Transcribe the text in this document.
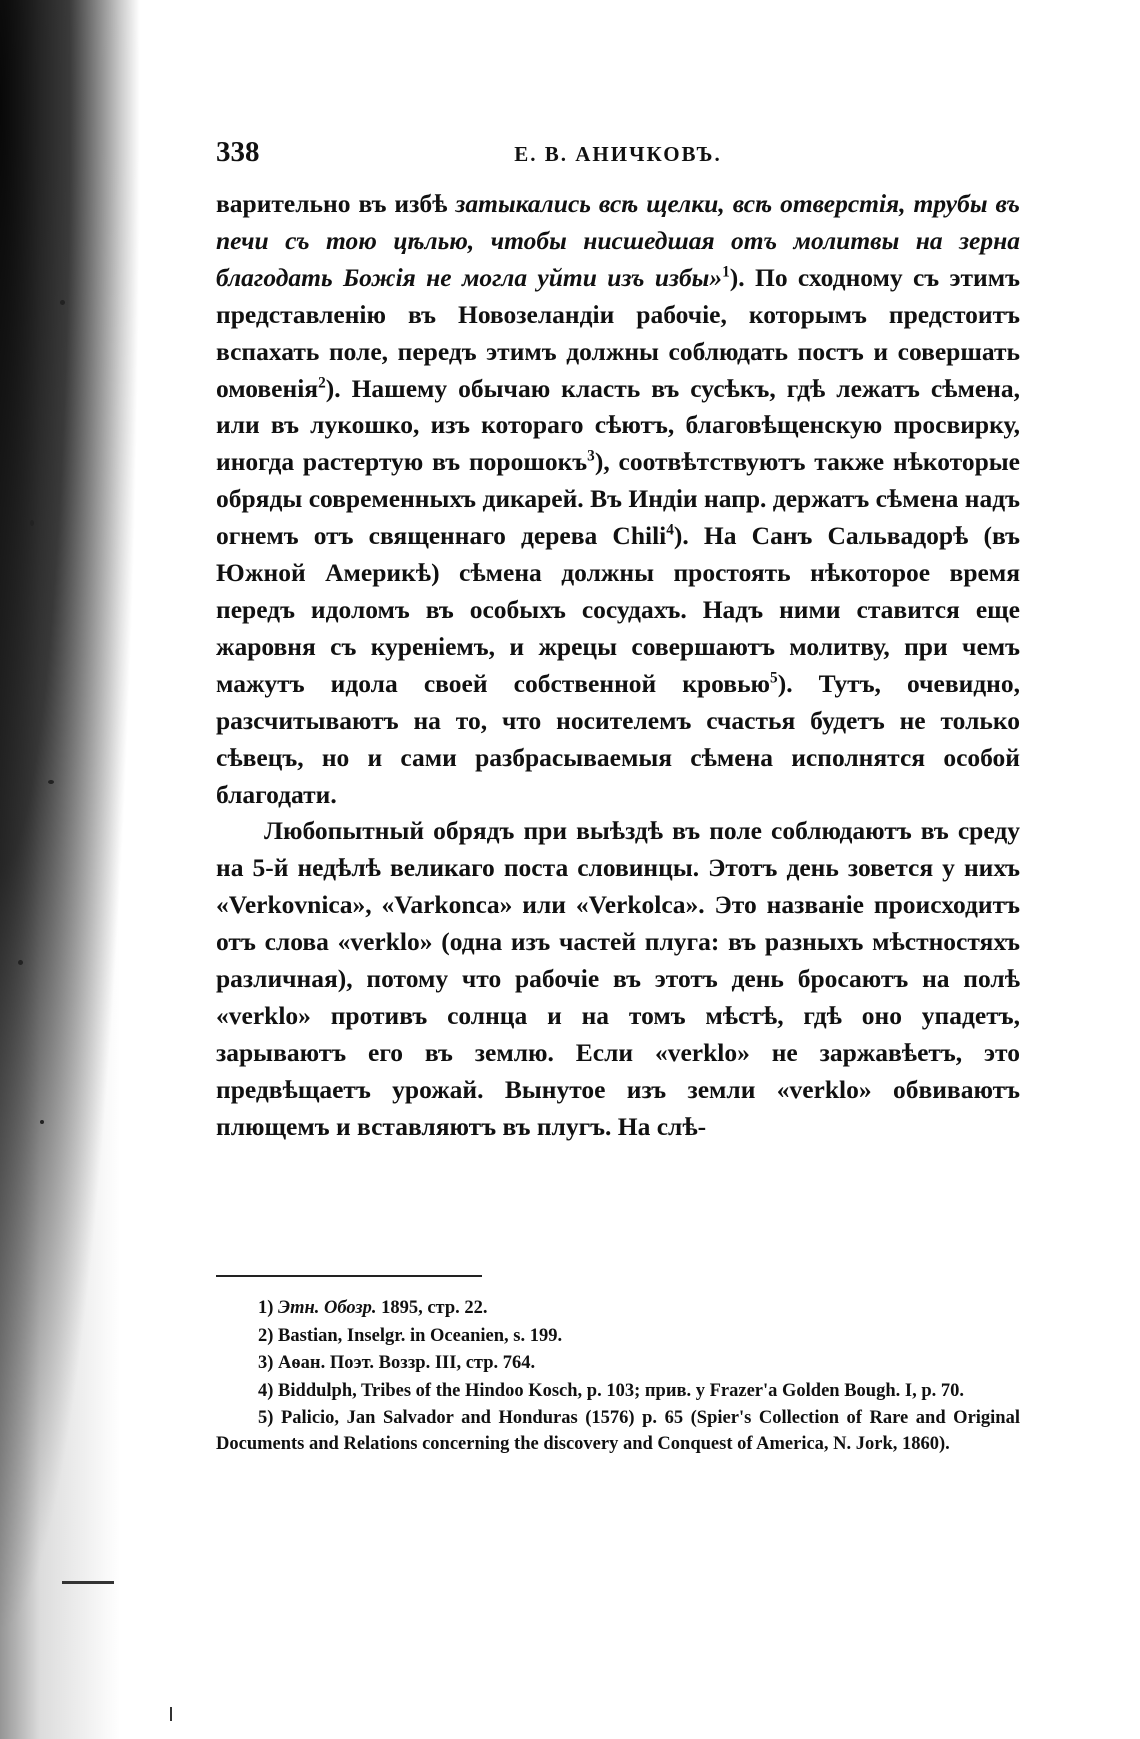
338	Е. В. АНИЧКОВЪ.

варительно въ избѣ затыкались всѣ щелки, всѣ отверстія, трубы въ печи съ тою цѣлью, чтобы нисшедшая отъ молитвы на зерна благодать Божія не могла уйти изъ избы»$^1$). По сходному съ этимъ представленію въ Новозеландіи рабочіе, которымъ предстоитъ вспахать поле, передъ этимъ должны соблюдать постъ и совершать омовенія$^2$). Нашему обычаю класть въ сусѣкъ, гдѣ лежатъ сѣмена, или въ лукошко, изъ котораго сѣютъ, благовѣщенскую просвирку, иногда растертую въ порошокъ$^3$), соотвѣтствуютъ также нѣкоторые обряды современныхъ дикарей. Въ Индіи напр. держатъ сѣмена надъ огнемъ отъ священнаго дерева Chili$^4$). На Санъ Сальвадорѣ (въ Южной Америкѣ) сѣмена должны простоять нѣкоторое время передъ идоломъ въ особыхъ сосудахъ. Надъ ними ставится еще жаровня съ куреніемъ, и жрецы совершаютъ молитву, при чемъ мажутъ идола своей собственной кровью$^5$). Тутъ, очевидно, разсчитываютъ на то, что носителемъ счастья будетъ не только сѣвецъ, но и сами разбрасываемыя сѣмена исполнятся особой благодати.

Любопытный обрядъ при выѣздѣ въ поле соблюдаютъ въ среду на 5-й недѣлѣ великаго поста словинцы. Этотъ день зовется у нихъ «Verkovnica», «Varkonca» или «Verkolca». Это названіе происходитъ отъ слова «verklo» (одна изъ частей плуга: въ разныхъ мѣстностяхъ различная), потому что рабочіе въ этотъ день бросаютъ на полѣ «verklo» противъ солнца и на томъ мѣстѣ, гдѣ оно упадетъ, зарываютъ его въ землю. Если «verklo» не заржавѣетъ, это предвѣщаетъ урожай. Вынутое изъ земли «verklo» обвиваютъ плющемъ и вставляютъ въ плугъ. На слѣ-

1) Этн. Обозр. 1895, стр. 22.

2) Bastian, Inselgr. in Oceanien, s. 199.

3) Аѳан. Поэт. Воззр. III, стр. 764.

4) Biddulph, Tribes of the Hindoo Kosch, p. 103; прив. у Frazer'a Golden Bough. I, p. 70.

5) Palicio, Jan Salvador and Honduras (1576) p. 65 (Spier's Collection of Rare and Original Documents and Relations concerning the discovery and Conquest of America, N. Jork, 1860).
